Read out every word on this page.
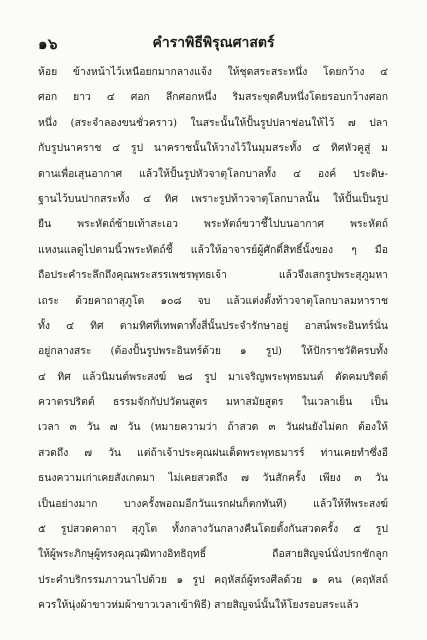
๑๖	คำราพิธีพิรุณศาสตร์
ห้อย ข้างหน้าไว้เหนือยกมากลางแจ้ง ให้ชุดสระสระหนึ่ง โดยกว้าง ๔
ศอก ยาว ๔ ศอก ลึกศอกหนึ่ง ริมสระขุดคืบหนึ่งโดยรอบกว้างศอก
หนึ่ง (สระจำลองขนชั่วคราว) ในสระนั้นให้ปั้นรูปปลาช่อนให้ไว้ ๗ ปลา
กับรูปนาคราช ๔ รูป นาคราชนั้นให้วางไว้ในมุมสระทั้ง ๔ ทิศหัวคูสู่ ม
ดานเพื่อเสุนอากาศ แล้วให้ปั้นรูปหัวจาตุโลกบาลทั้ง ๔ องค์ ประดิษ-
ฐานไว้บนปากสระทั้ง ๔ ทิศ เพราะรูปท้าวจาตุโลกบาลนั้น ให้ปั้นเป็นรูป
ยืน พระหัตถ์ซ้ายเท้าสะเอว พระหัตถ์ขวาชี้ไปบนอากาศ พระหัตถ์
แหงนแลดูไปตามนิ้วพระหัตถ์ชี้ แล้วให้อาจารย์ผู้ศักดิ์สิทธิ์นั้งของ ๆ มือ
ถือประคำระลึกถึงคุณพระสรรเพชรพุทธเจ้า แล้วจึงเสกรูปพระสุภูมหา
เถระ ด้วยคาถาสุภูโต ๑๐๘ จบ แล้วแต่งตั้งท้าวจาตุโลกบาลมหาราช
ทั้ง ๔ ทิศ ตามทิศที่เทพดาทั้งสี่นั้นประจำรักษาอยู่ อาสน์พระอินทร์นั่น
อยู่กลางสระ (ต้องปั้นรูปพระอินทร์ด้วย ๑ รูป) ให้ปักราชวัติครบทั้ง
๔ ทิศ แล้วนิมนต์พระสงฆ์ ๒๘ รูป มาเจริญพระพุทธมนต์ ตัดคมบริตต์
ควาตรปริตต์ ธรรมจักกัปปวัตนสูตร มหาสมัยสูตร ในเวลาเย็น เป็น
เวลา ๓ วัน ๗ วัน (หมายความว่า ถ้าสวด ๓ วันฝนยังไม่ตก ต้องให้
สวดถึง ๗ วัน แต่ถ้าเจ้าประคุณฝนเด็ดพระพุทธมารร์ ท่านเคยทำซึ่งอี
ธนงความเก่าเคยสังเกตมา ไม่เคยสวดถึง ๗ วันสักครั้ง เพียง ๓ วัน
เป็นอย่างมาก บางครั้งพอถมอีกวันแรกฝนก็ตกทันที) แล้วให้ทีพระสงฆ์
๕ รูปสวดคาถา สุภูโต ทั้งกลางวันกลางคืนโดยตั้งกันสวดครั้ง ๕ รูป
ให้ผู้พระภิกษุผู้ทรงคุณวุฒิทางอิทธิฤทธิ์ ถือสายสิญจน์นั่งปรกชักลูก
ประคำบริกรรมภาวนาไปด้วย ๑ รูป คฤหัสถ์ผู้ทรงศีลด้วย ๑ คน (คฤหัสถ์
ควรให้นุ่งผ้าขาวห่มผ้าขาวเวลาเข้าพิธี) สายสิญจน์นั้นให้โยงรอบสระแล้ว
